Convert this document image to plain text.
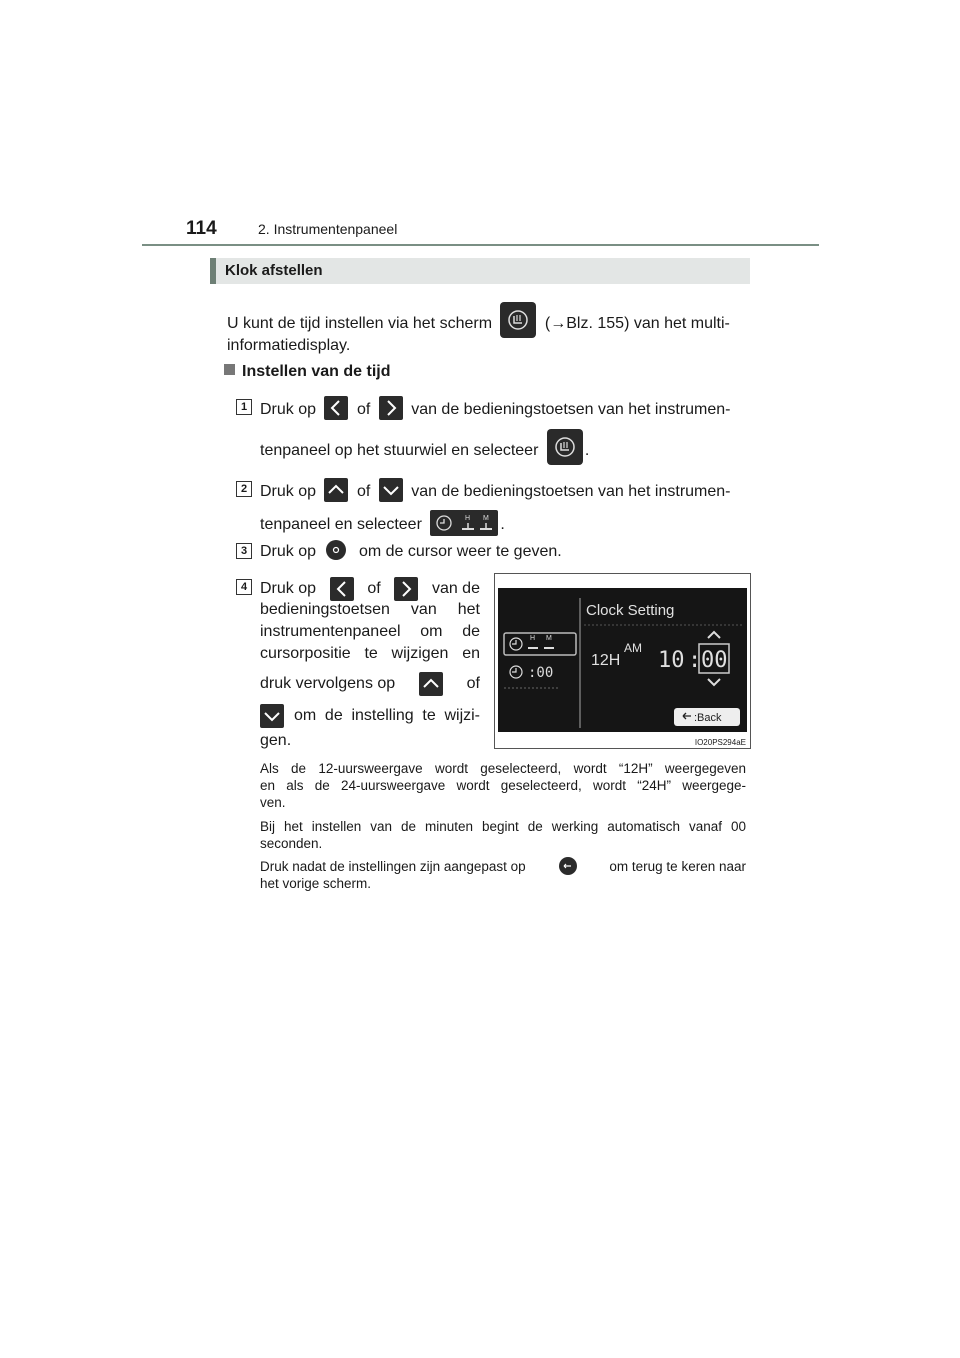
114	2. Instrumentenpaneel
Klok afstellen
U kunt de tijd instellen via het scherm	(→Blz. 155) van het multi-
informatiedisplay.
Instellen van de tijd
1 Druk op	of	van de bedieningstoetsen van het instrumen-
tenpaneel op het stuurwiel en selecteer	.
2 Druk op	of	van de bedieningstoetsen van het instrumen-
tenpaneel en selecteer	H M .
3 Druk op	om de cursor weer te geven.
4 Druk op	of	van de
bedieningstoetsen van het
instrumentenpaneel om de
cursorpositie te wijzigen en
druk vervolgens op	of
om de instelling te wijzi-
gen.
H M
:00
Clock Setting
12H
AM 10 : 00
:Back
IO20PS294aE
Als de 12-uursweergave wordt geselecteerd, wordt “12H” weergegeven
en als de 24-uursweergave wordt geselecteerd, wordt “24H” weergege-
ven.
Bij het instellen van de minuten begint de werking automatisch vanaf 00
seconden.
Druk nadat de instellingen zijn aangepast op	om terug te keren naar
het vorige scherm.
